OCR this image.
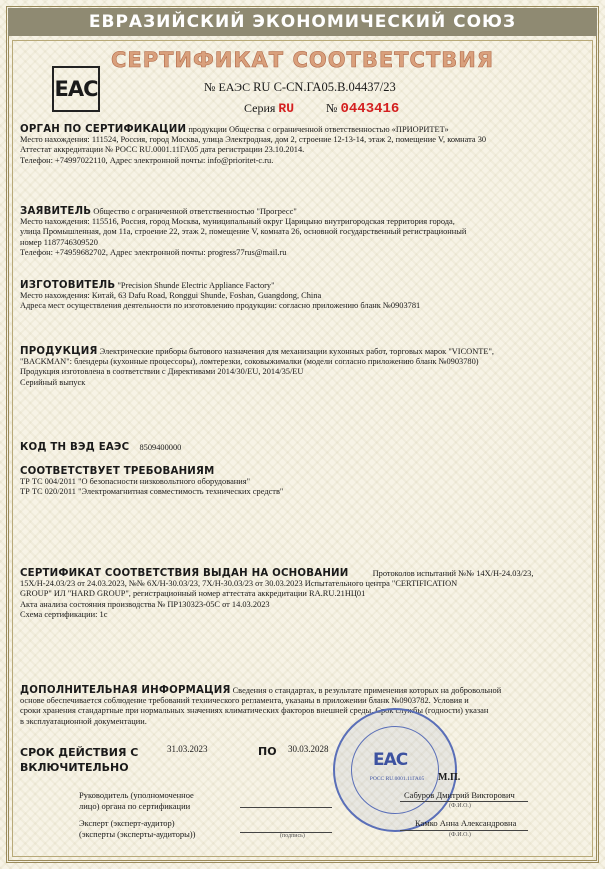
ЕВРАЗИЙСКИЙ ЭКОНОМИЧЕСКИЙ СОЮЗ
СЕРТИФИКАТ СООТВЕТСТВИЯ
EAC	№ ЕАЭС RU С-CN.ГА05.В.04437/23
Серия RU	№ 0443416
ОРГАН ПО СЕРТИФИКАЦИИ продукции Общества с ограниченной ответственностью «ПРИОРИТЕТ»
Место нахождения: 111524, Россия, город Москва, улица Электродная, дом 2, строение 12-13-14, этаж 2, помещение V, комната 30
Аттестат аккредитации № РОСС RU.0001.11ГА05 дата регистрации 23.10.2014.
Телефон: +74997022110, Адрес электронной почты: info@prioritet-c.ru.
ЗАЯВИТЕЛЬ Общество с ограниченной ответственностью "Прогресс"
Место нахождения: 115516, Россия, город Москва, муниципальный округ Царицыно внутригородская территория города,
улица Промышленная, дом 11а, строение 22, этаж 2, помещение V, комната 26, основной государственный регистрационный
номер 1187746309520
Телефон: +74959682702, Адрес электронной почты: progress77rus@mail.ru
ИЗГОТОВИТЕЛЬ "Precision Shunde Electric Appliance Factory"
Место нахождения: Китай, 63 Dafu Road, Ronggui Shunde, Foshan, Guangdong, China
Адреса мест осуществления деятельности по изготовлению продукции: согласно приложению бланк №0903781
ПРОДУКЦИЯ Электрические приборы бытового назначения для механизации кухонных работ, торговых марок "VICONTE",
"BACKMAN": блендеры (кухонные процессоры), ломтерезки, соковыжималки (модели согласно приложению бланк №0903780)
Продукция изготовлена в соответствии с Директивами 2014/30/EU, 2014/35/EU
Серийный выпуск
КОД ТН ВЭД ЕАЭС 8509400000
СООТВЕТСТВУЕТ ТРЕБОВАНИЯМ
ТР ТС 004/2011 "О безопасности низковольтного оборудования"
ТР ТС 020/2011 "Электромагнитная совместимость технических средств"
СЕРТИФИКАТ СООТВЕТСТВИЯ ВЫДАН НА ОСНОВАНИИ	Протоколов испытаний №№ 14Х/Н-24.03/23,
15Х/Н-24.03/23 от 24.03.2023, №№ 6Х/Н-30.03/23, 7Х/Н-30.03/23 от 30.03.2023 Испытательного центра "CERTIFICATION
GROUP" ИЛ "HARD GROUP", регистрационный номер аттестата аккредитации RA.RU.21НЦ01
Акта анализа состояния производства № ПР130323-05С от 14.03.2023
Схема сертификации: 1с
ДОПОЛНИТЕЛЬНАЯ ИНФОРМАЦИЯ Сведения о стандартах, в результате применения которых на добровольной
основе обеспечивается соблюдение требований технического регламента, указаны в приложении бланк №0903782. Условия и
сроки хранения стандартные при нормальных значениях климатических факторов внешней среды. Срок службы (годности) указан
в эксплуатационной документации.
СРОК ДЕЙСТВИЯ С
ВКЛЮЧИТЕЛЬНО
31.03.2023	ПО 30.03.2028
EAC
РОСС RU.0001.11ГА05	М.П.
Руководитель (уполномоченное
лицо) органа по сертификации
Сабуров Дмитрий Викторович
(Ф.И.О.)
Эксперт (эксперт-аудитор)
(эксперты (эксперты-аудиторы))	(подпись)
Камко Анна Александровна
(Ф.И.О.)
